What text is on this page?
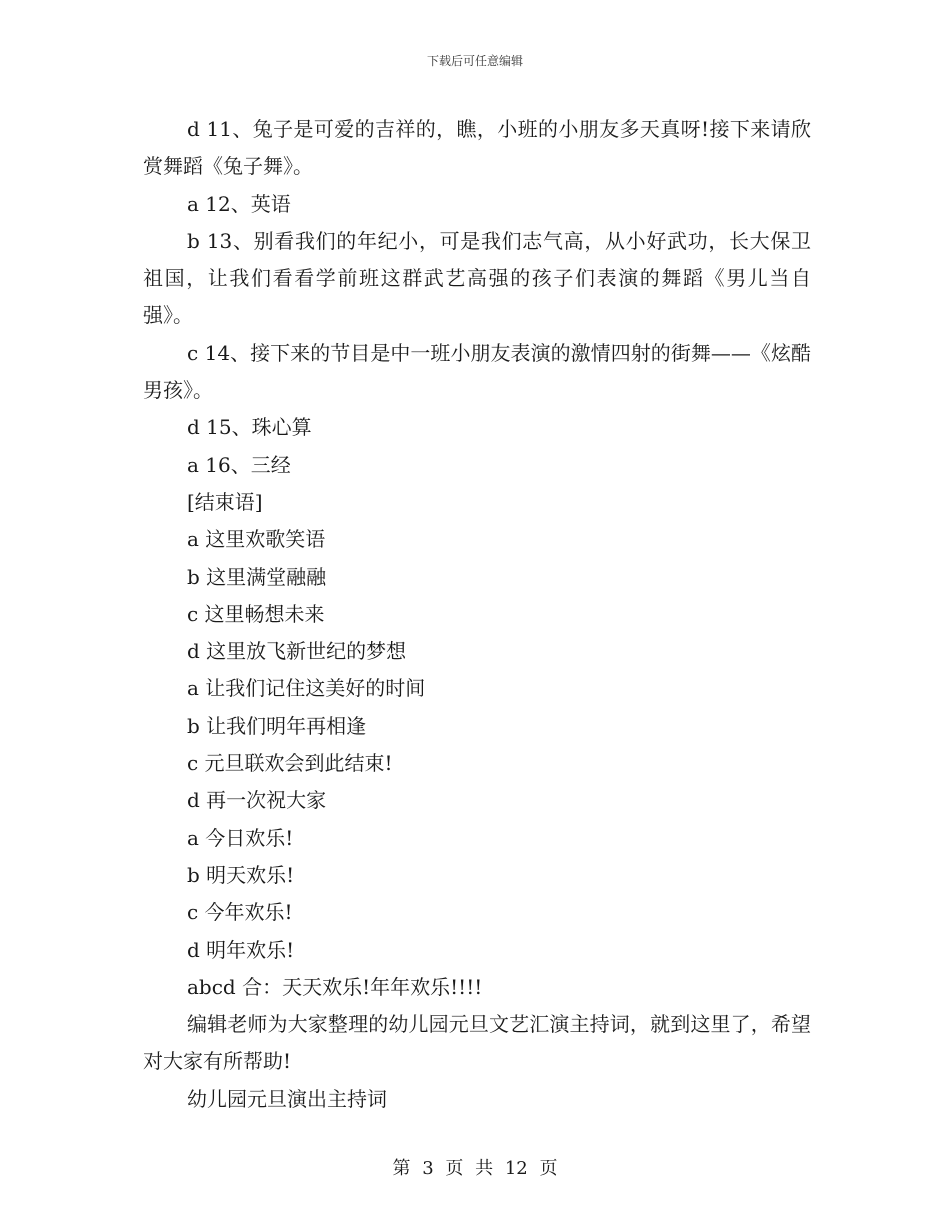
下载后可任意编辑

d 11、兔子是可爱的吉祥的，瞧，小班的小朋友多天真呀!接下来请欣赏舞蹈《兔子舞》。

a 12、英语

b 13、别看我们的年纪小，可是我们志气高，从小好武功，长大保卫祖国，让我们看看学前班这群武艺高强的孩子们表演的舞蹈《男儿当自强》。

c 14、接下来的节目是中一班小朋友表演的激情四射的街舞——《炫酷男孩》。

d 15、珠心算

a 16、三经

[结束语]

a 这里欢歌笑语

b 这里满堂融融

c 这里畅想未来

d 这里放飞新世纪的梦想

a 让我们记住这美好的时间

b 让我们明年再相逢

c 元旦联欢会到此结束!

d 再一次祝大家

a 今日欢乐!

b 明天欢乐!

c 今年欢乐!

d 明年欢乐!

abcd 合：天天欢乐!年年欢乐!!!!

编辑老师为大家整理的幼儿园元旦文艺汇演主持词，就到这里了，希望对大家有所帮助!

幼儿园元旦演出主持词

第 3 页 共 12 页
